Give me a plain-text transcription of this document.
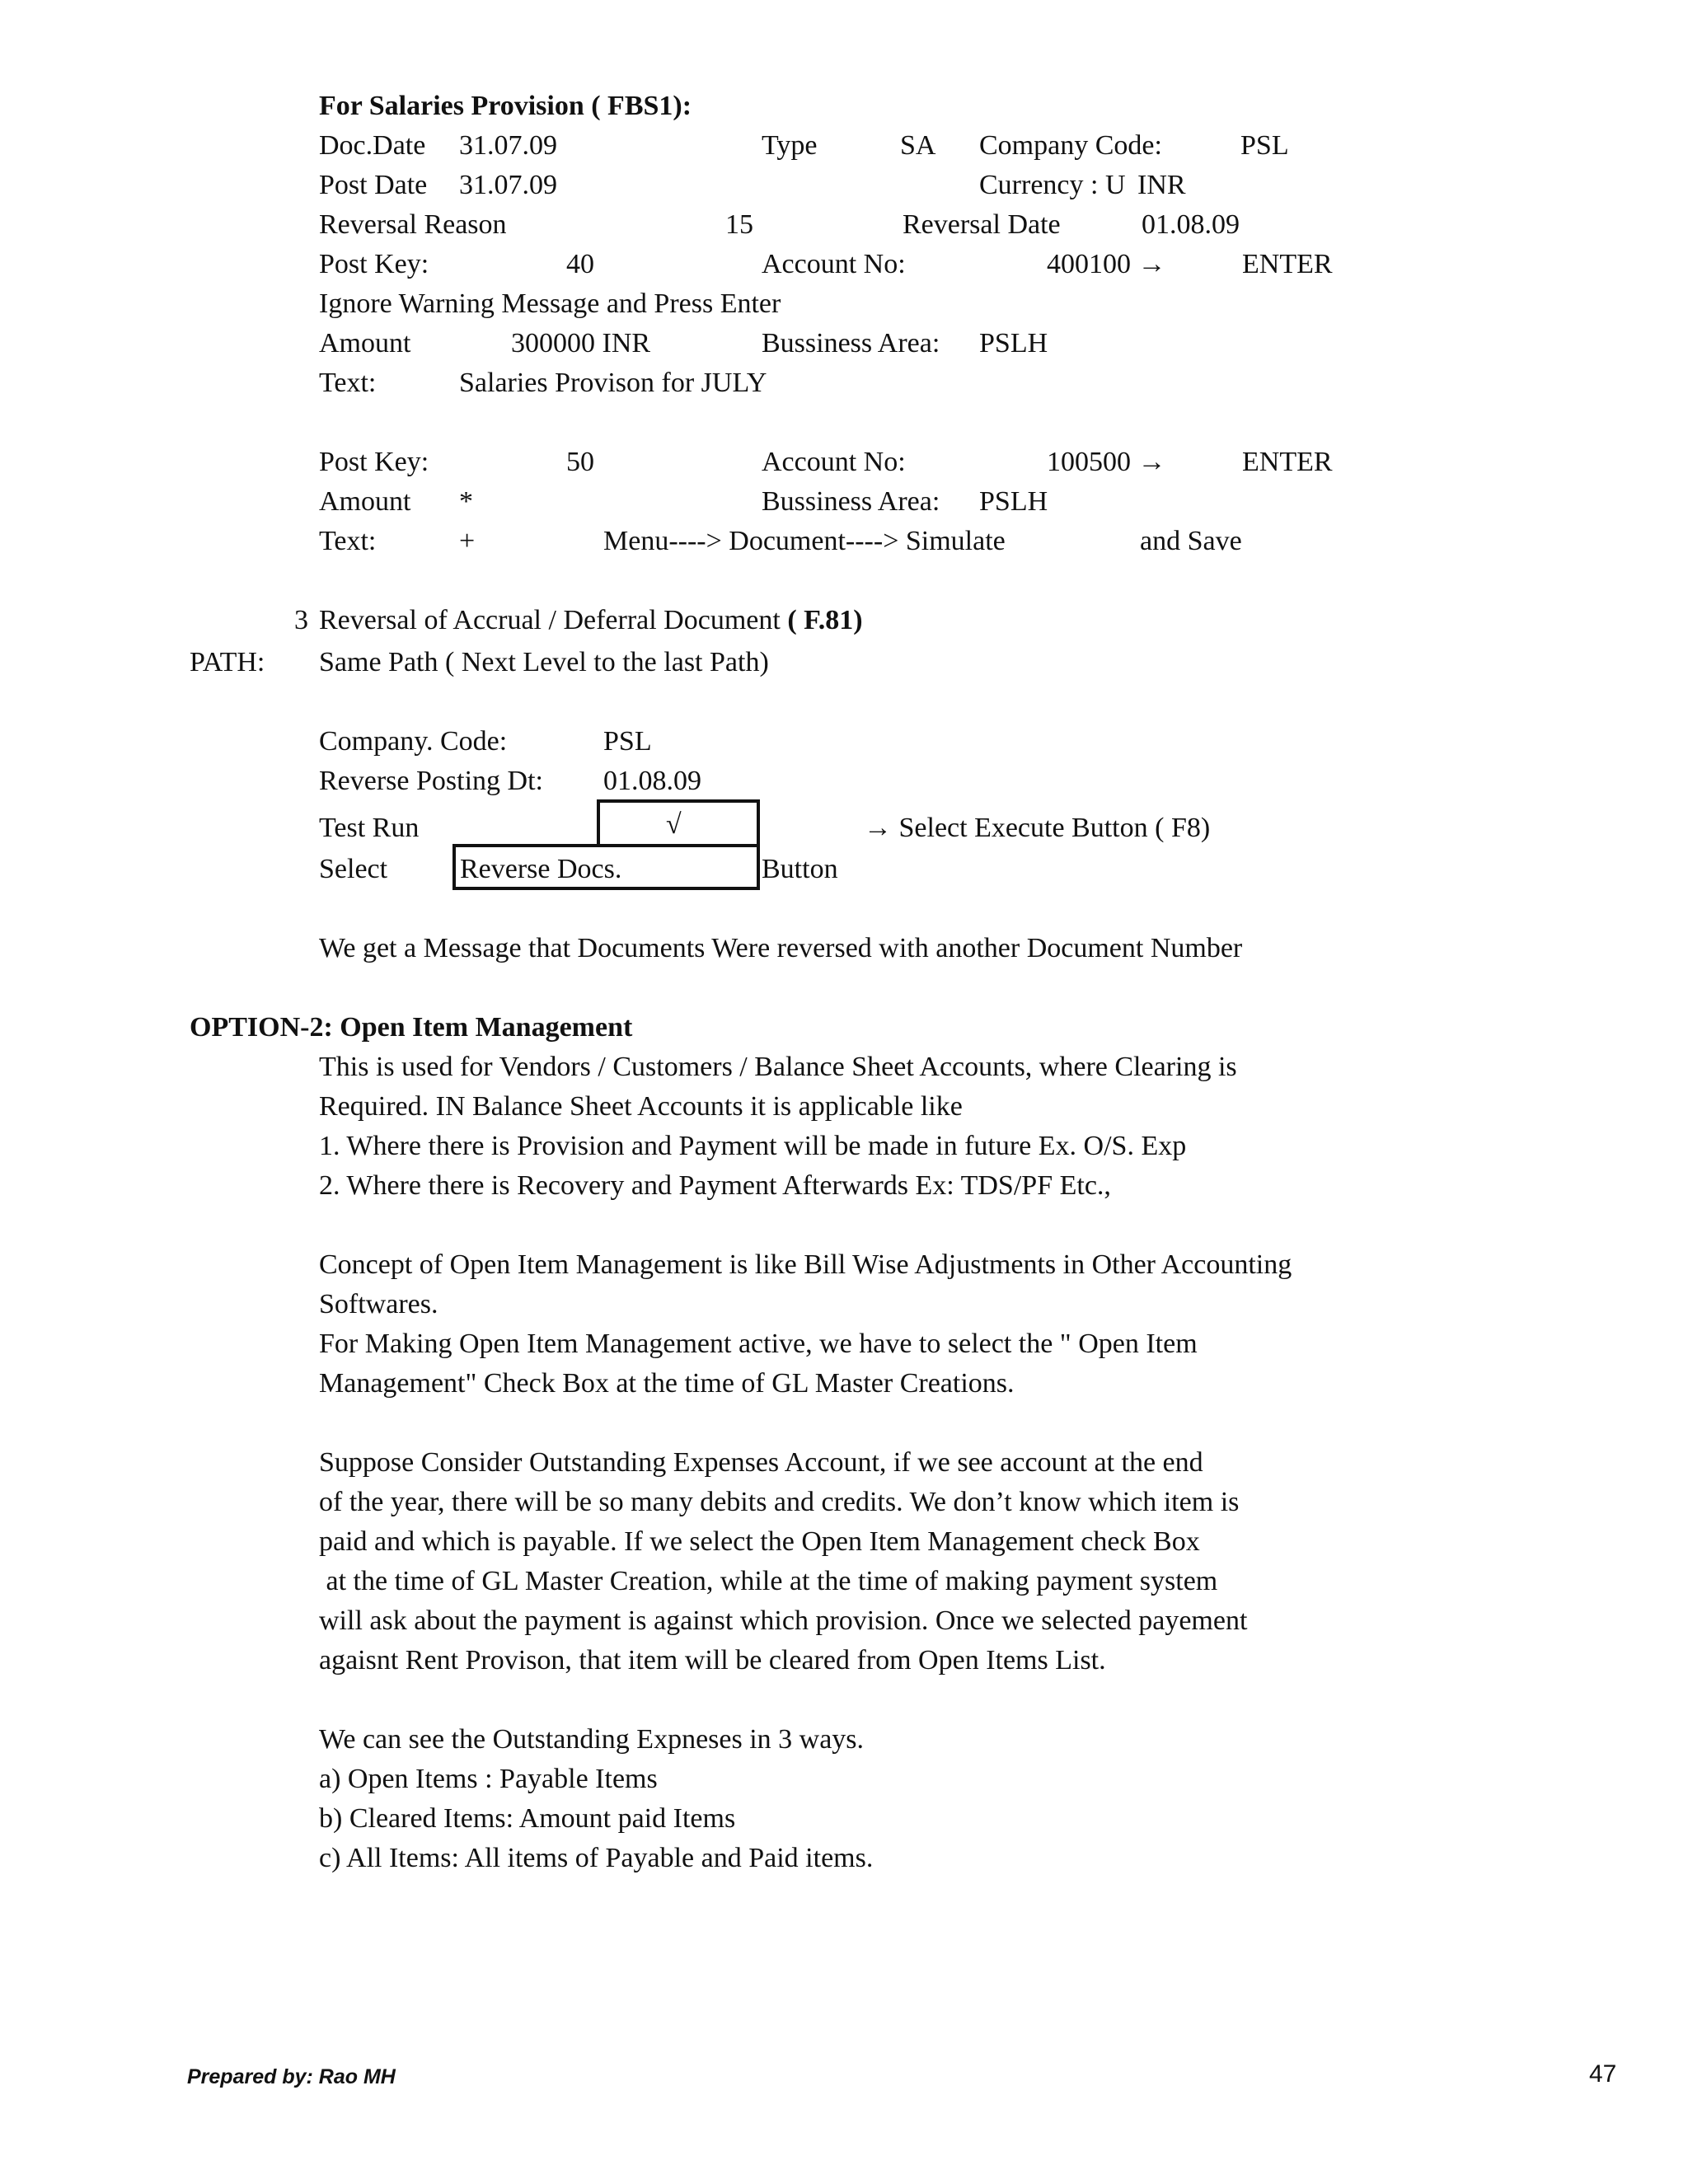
For Salaries Provision ( FBS1):
Doc.Date 31.07.09	Type	SA Company Code:	PSL
Post Date 31.07.09	Currency : U INR
Reversal Reason	15	Reversal Date	01.08.09
Post Key:	40	Account No:	400100 →	ENTER
Ignore Warning Message and Press Enter
Amount	300000 INR	Bussiness Area: PSLH
Text:	Salaries Provison for JULY
Post Key:	50	Account No:	100500 →	ENTER
Amount *	Bussiness Area: PSLH
Text:	+	Menu----> Document----> Simulate	and Save
3 Reversal of Accrual / Deferral Document ( F.81)
PATH: Same Path ( Next Level to the last Path)
Company. Code:	PSL
Reverse Posting Dt: 01.08.09
Test Run	√	→ Select Execute Button ( F8)
Select	Reverse Docs.	Button
We get a Message that Documents Were reversed with another Document Number
OPTION-2: Open Item Management
This is used for Vendors / Customers / Balance Sheet Accounts, where Clearing is
Required. IN Balance Sheet Accounts it is applicable like
1. Where there is Provision and Payment will be made in future Ex. O/S. Exp
2. Where there is Recovery and Payment Afterwards Ex: TDS/PF Etc.,
Concept of Open Item Management is like Bill Wise Adjustments in Other Accounting
Softwares.
For Making Open Item Management active, we have to select the " Open Item
Management" Check Box at the time of GL Master Creations.
Suppose Consider Outstanding Expenses Account, if we see account at the end
of the year, there will be so many debits and credits. We don’t know which item is
paid and which is payable. If we select the Open Item Management check Box
at the time of GL Master Creation, while at the time of making payment system
will ask about the payment is against which provision. Once we selected payement
agaisnt Rent Provison, that item will be cleared from Open Items List.
We can see the Outstanding Expneses in 3 ways.
a) Open Items : Payable Items
b) Cleared Items: Amount paid Items
c) All Items: All items of Payable and Paid items.
Prepared by: Rao MH	47
